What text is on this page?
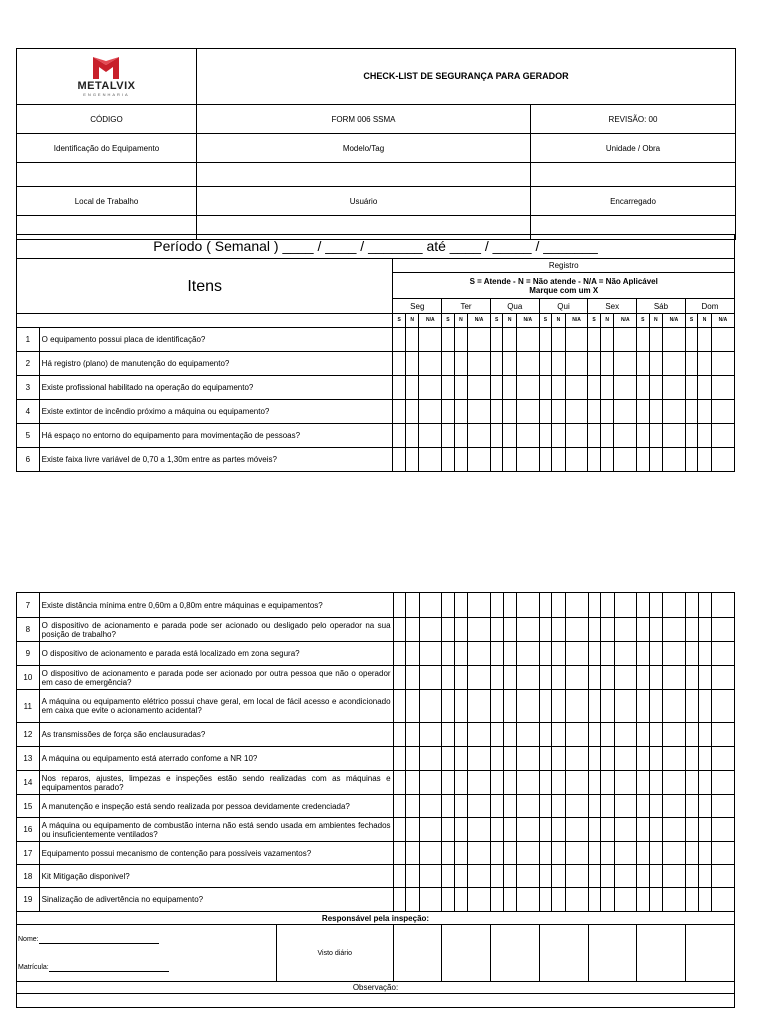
METALVIX
ENGENHARIA	CHECK-LIST DE SEGURANÇA PARA GERADOR	
CÓDIGO	FORM 006 SSMA	REVISÃO: 00
Identificação do Equipamento	Modelo/Tag	Unidade / Obra

Local de Trabalho	Usuário	Encarregado

Período ( Semanal ) ____ / ____ / _______ até ____ / _____ / _______																						
Itens		Registro																				

		S = Atende - N = Não atende - N/A = Não Aplicável
Marque com um X																				

		Seg			Ter			Qua			Qui			Sex			Sáb			Dom		
		S	N	N/A	S	N	N/A	S	N	N/A	S	N	N/A	S	N	N/A	S	N	N/A	S	N	N/A
1	O equipamento possui placa de identificação?																					
2	Há registro (plano) de manutenção do equipamento?																					
3	Existe profissional habilitado na operação do equipamento?																					
4	Existe extintor de incêndio próximo a máquina ou equipamento?																					
5	Há espaço no entorno do equipamento para movimentação de pessoas?																					
6	Existe faixa livre variável de 0,70 a 1,30m entre as partes móveis?																					
7	Existe distância mínima entre 0,60m a 0,80m entre máquinas e equipamentos?																					
8	O dispositivo de acionamento e parada pode ser acionado ou desligado pelo operador na sua posição de trabalho?																					
9	O dispositivo de acionamento e parada está localizado em zona segura?																					
10	O dispositivo de acionamento e parada pode ser acionado por outra pessoa que não o operador em caso de emergência?																					
11	A máquina ou equipamento elétrico possui chave geral, em local de fácil acesso e acondicionado em caixa que evite o acionamento acidental?																					
12	As transmissões de força são enclausuradas?																					
13	A máquina ou equipamento está aterrado confome a NR 10?																					
14	Nos reparos, ajustes, limpezas e inspeções estão sendo realizadas com as máquinas e equipamentos parado?																					
15	A manutenção e inspeção está sendo realizada por pessoa devidamente credenciada?																					
16	A máquina ou equipamento de combustão interna não está sendo usada em ambientes fechados ou insuficientemente ventilados?																					
17	Equipamento possui mecanismo de contenção para possíveis vazamentos?																					
18	Kit Mitigação disponivel?																					
19	Sinalização de adivertência no equipamento?																					
Responsável pela inspeção:																						

Nome:
Matrícula:
Visto diário																						

Observação:																						
